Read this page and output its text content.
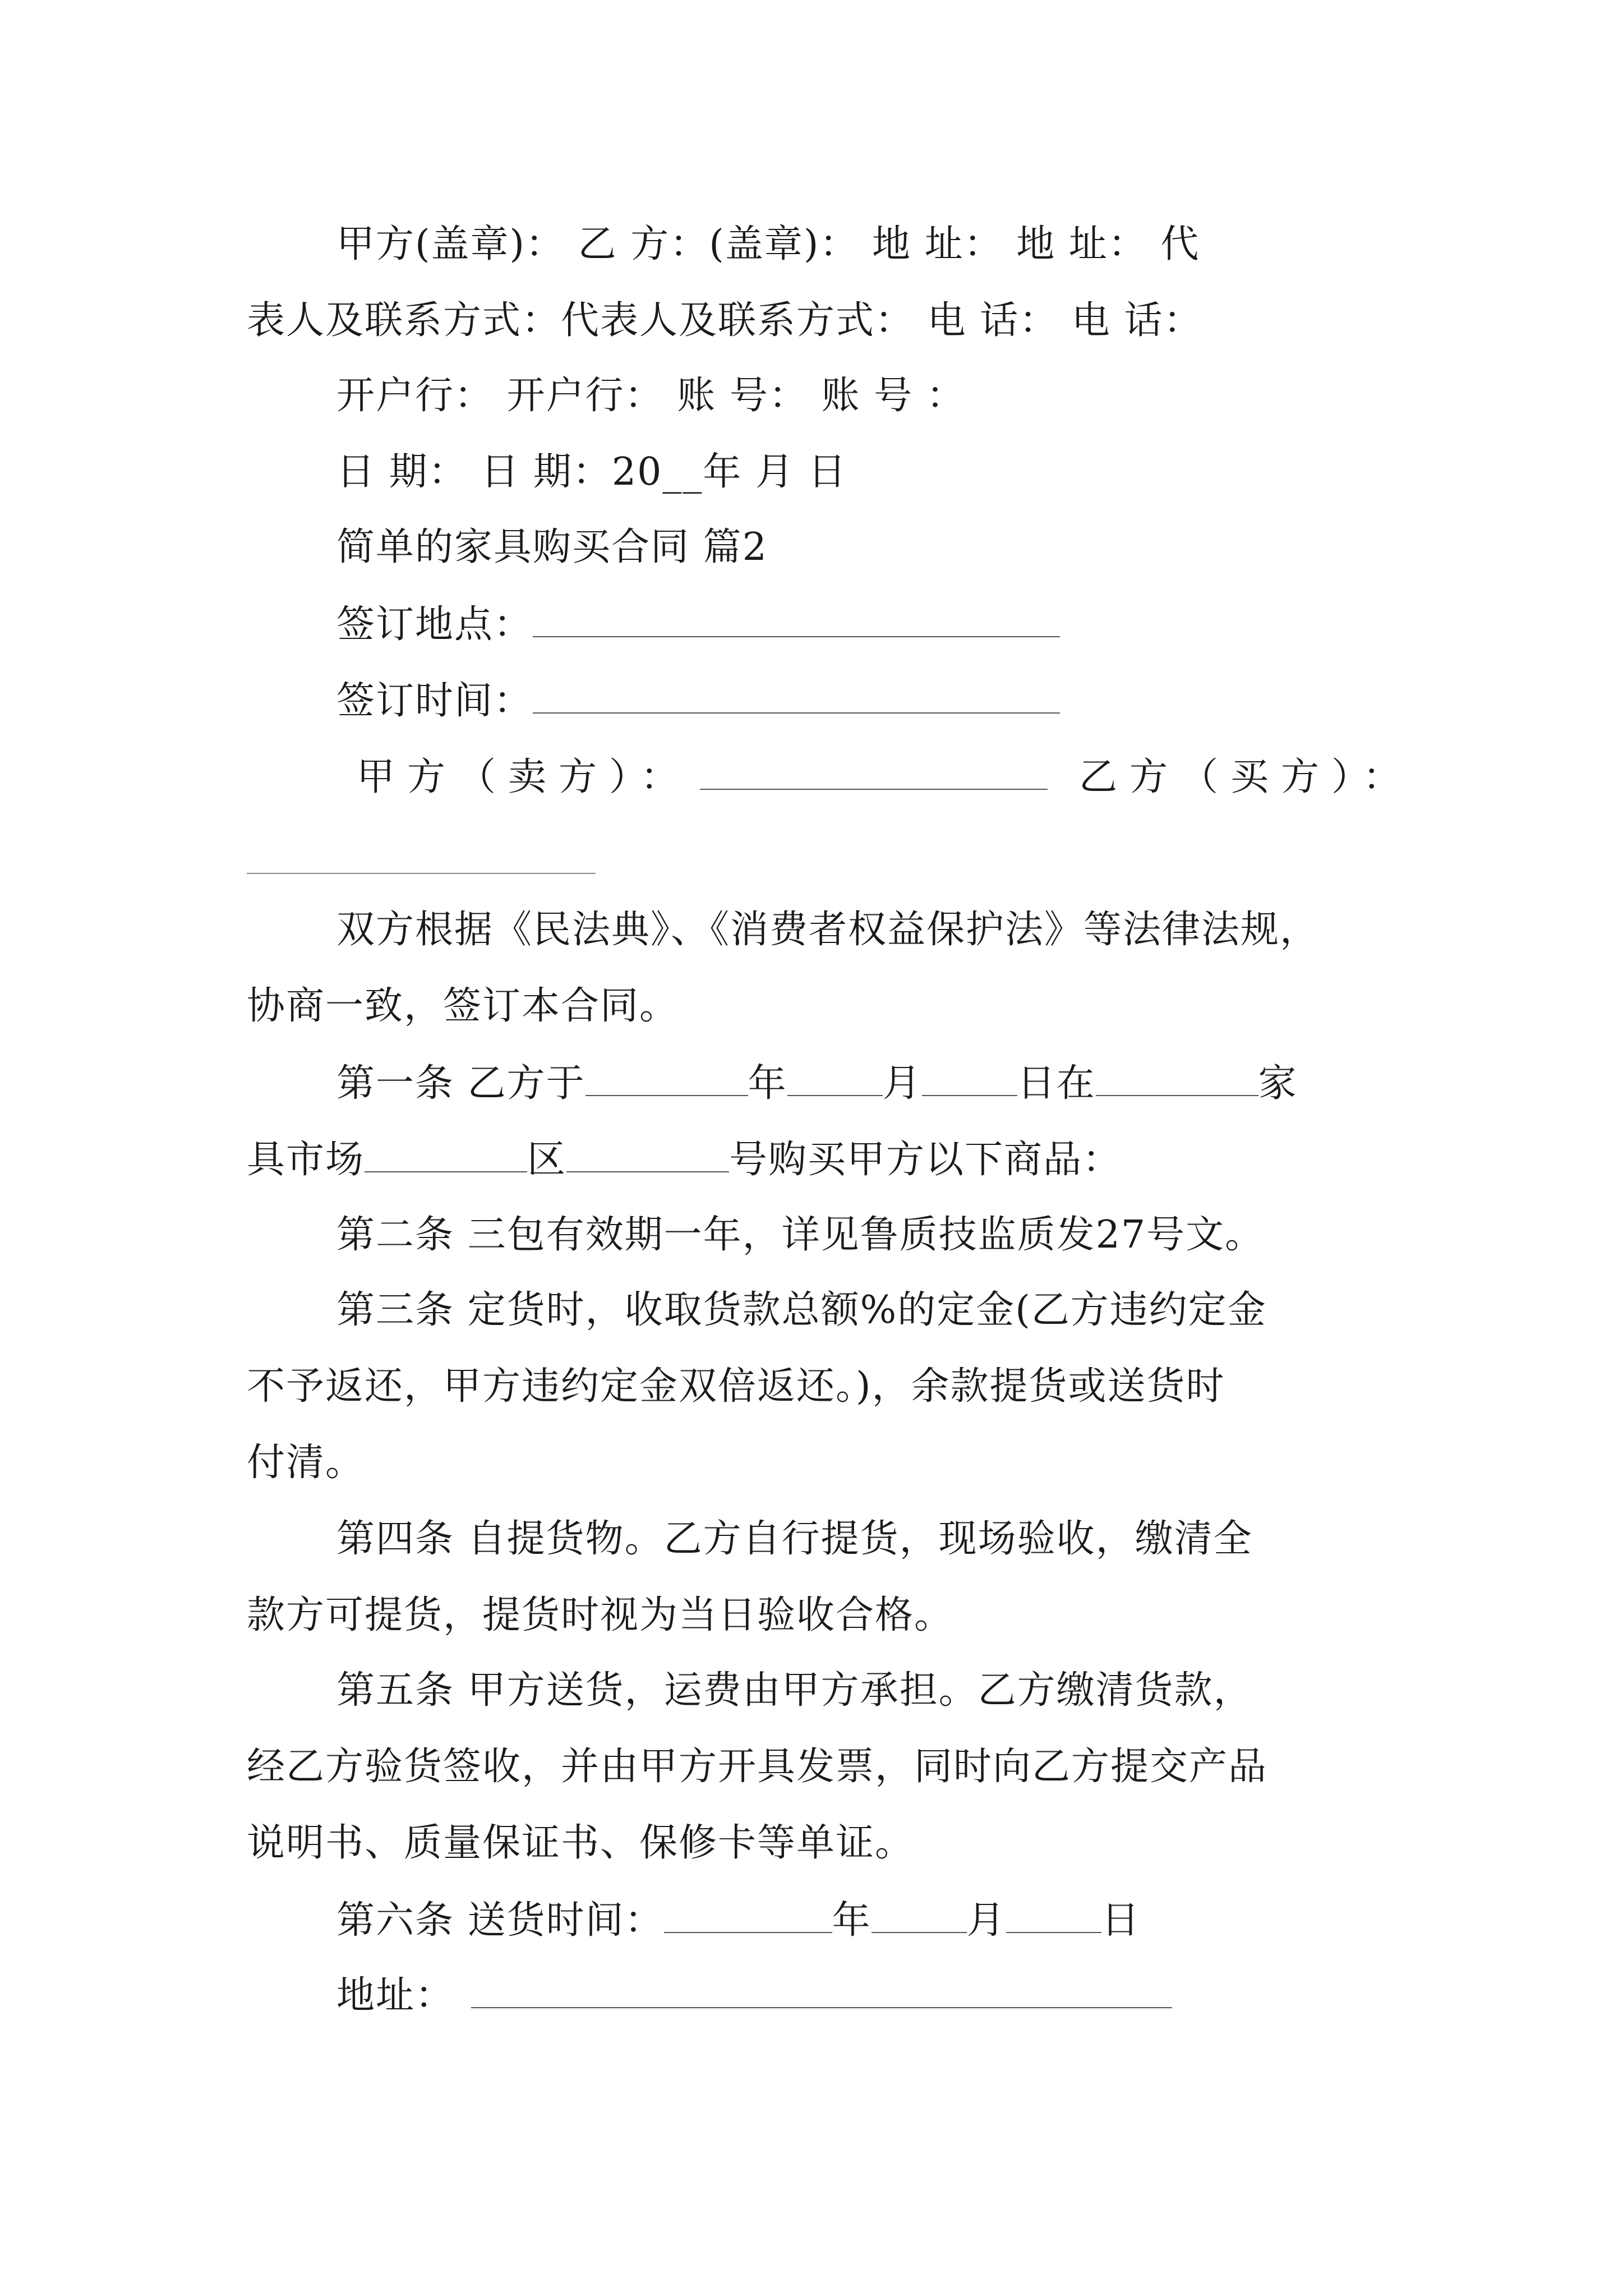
甲方(盖章)： 乙 方：(盖章)： 地 址： 地 址： 代
表人及联系方式：代表人及联系方式： 电 话： 电 话：
开户行： 开户行： 账 号： 账 号 ：
日 期： 日 期：20__年 月 日
简单的家具购买合同 篇2
签订地点：
签订时间：
甲方（卖方）：	乙方（买方）：
双方根据《民法典》、《消费者权益保护法》等法律法规，
协商一致，签订本合同。
第一条 乙方于	年	月	日在	家
具市场	区	号购买甲方以下商品：
第二条 三包有效期一年，详见鲁质技监质发27号文。
第三条 定货时，收取货款总额%的定金(乙方违约定金
不予返还，甲方违约定金双倍返还。)，余款提货或送货时
付清。
第四条 自提货物。乙方自行提货，现场验收，缴清全
款方可提货，提货时视为当日验收合格。
第五条 甲方送货，运费由甲方承担。乙方缴清货款，
经乙方验货签收，并由甲方开具发票，同时向乙方提交产品
说明书、质量保证书、保修卡等单证。
第六条 送货时间：	年	月	日
地址：
